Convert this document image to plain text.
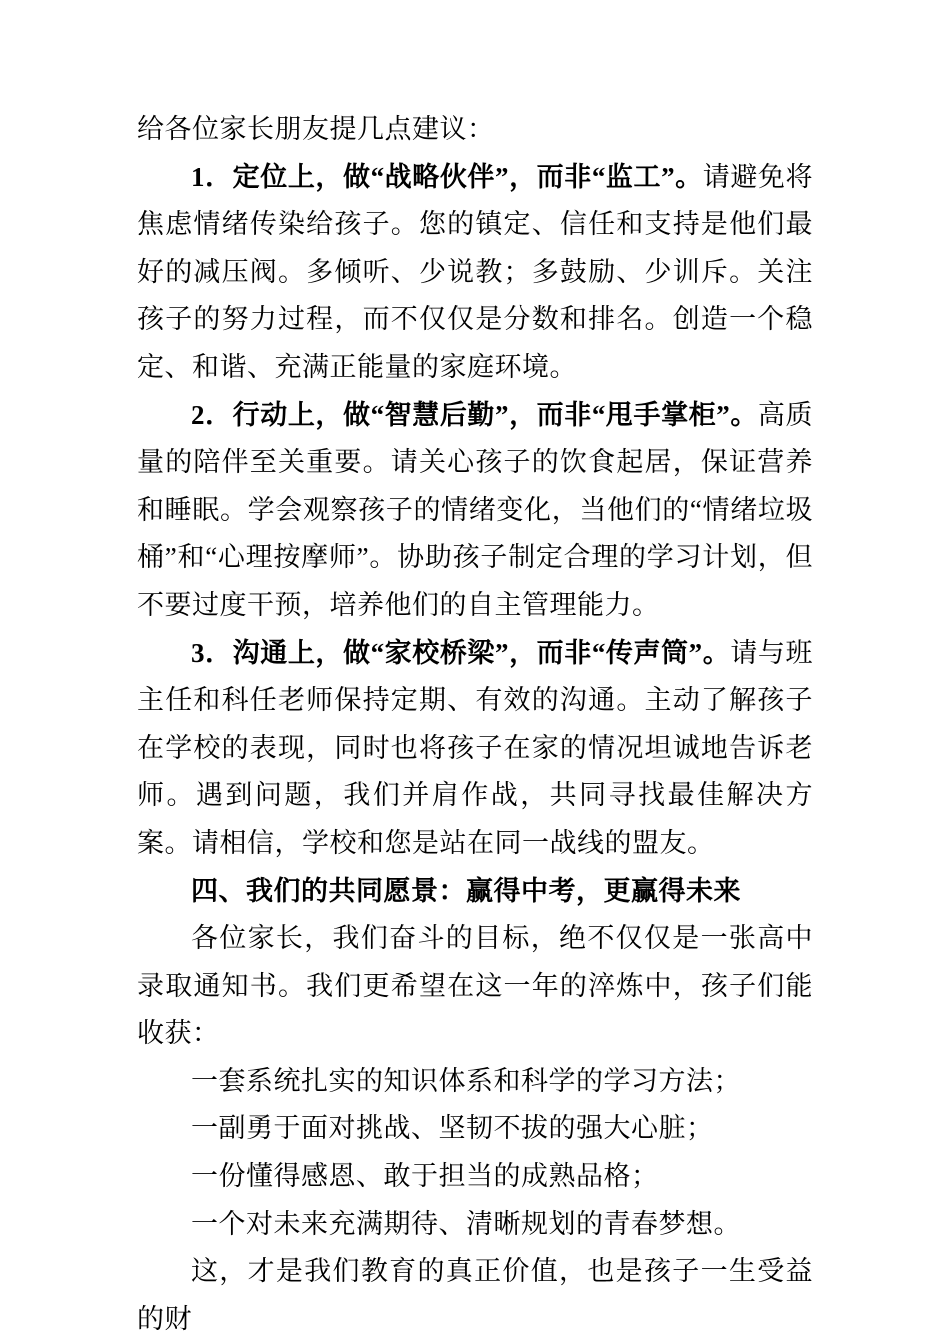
给各位家长朋友提几点建议：

1．定位上，做“战略伙伴”，而非“监工”。请避免将焦虑情绪传染给孩子。您的镇定、信任和支持是他们最好的减压阀。多倾听、少说教；多鼓励、少训斥。关注孩子的努力过程，而不仅仅是分数和排名。创造一个稳定、和谐、充满正能量的家庭环境。

2．行动上，做“智慧后勤”，而非“甩手掌柜”。高质量的陪伴至关重要。请关心孩子的饮食起居，保证营养和睡眠。学会观察孩子的情绪变化，当他们的“情绪垃圾桶”和“心理按摩师”。协助孩子制定合理的学习计划，但不要过度干预，培养他们的自主管理能力。

3．沟通上，做“家校桥梁”，而非“传声筒”。请与班主任和科任老师保持定期、有效的沟通。主动了解孩子在学校的表现，同时也将孩子在家的情况坦诚地告诉老师。遇到问题，我们并肩作战，共同寻找最佳解决方案。请相信，学校和您是站在同一战线的盟友。

四、我们的共同愿景：赢得中考，更赢得未来

各位家长，我们奋斗的目标，绝不仅仅是一张高中录取通知书。我们更希望在这一年的淬炼中，孩子们能收获：

一套系统扎实的知识体系和科学的学习方法；

一副勇于面对挑战、坚韧不拔的强大心脏；

一份懂得感恩、敢于担当的成熟品格；

一个对未来充满期待、清晰规划的青春梦想。

这，才是我们教育的真正价值，也是孩子一生受益的财
